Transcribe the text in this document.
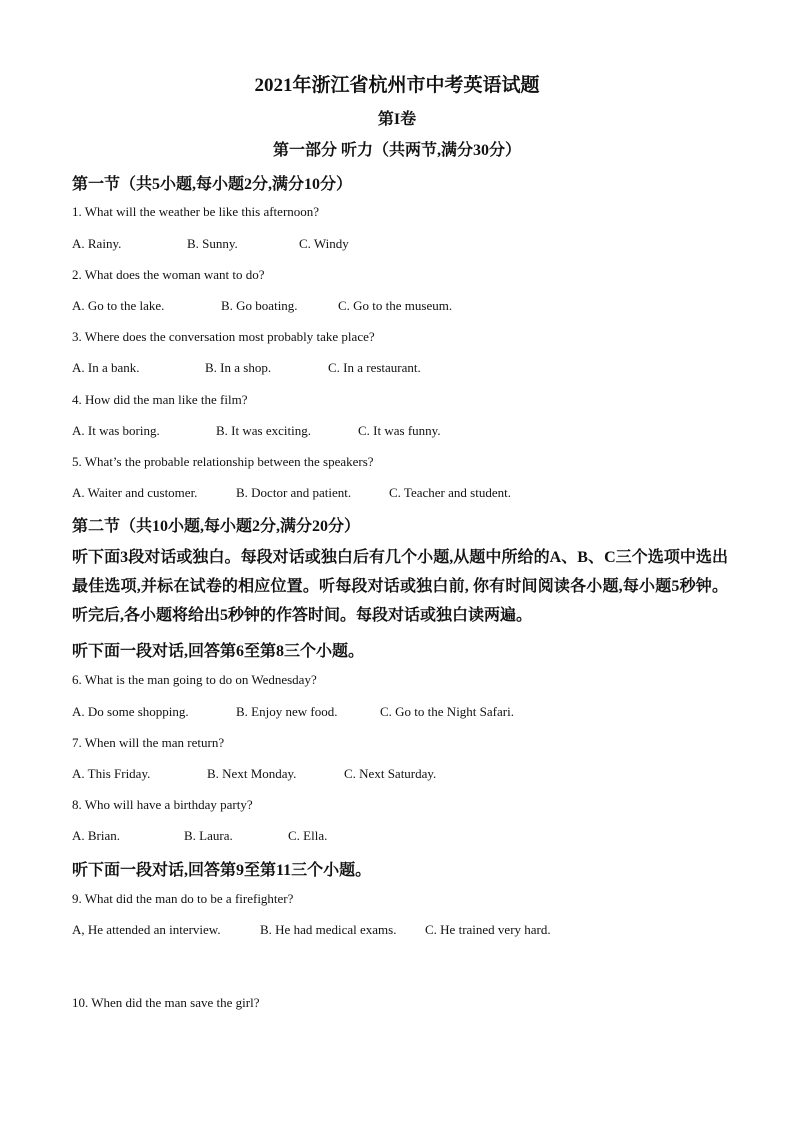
2021年浙江省杭州市中考英语试题
第I卷
第一部分 听力（共两节,满分30分）
第一节（共5小题,每小题2分,满分10分）
1. What will the weather be like this afternoon?
A. Rainy.	B. Sunny.	C. Windy
2. What does the woman want to do?
A. Go to the lake.	B. Go boating.	C. Go to the museum.
3. Where does the conversation most probably take place?
A. In a bank.	B. In a shop.	C. In a restaurant.
4. How did the man like the film?
A. It was boring.	B. It was exciting.	C. It was funny.
5. What’s the probable relationship between the speakers?
A. Waiter and customer.	B. Doctor and patient.	C. Teacher and student.
第二节（共10小题,每小题2分,满分20分）
听下面3段对话或独白。每段对话或独白后有几个小题,从题中所给的A、B、C三个选项中选出最佳选项,并标在试卷的相应位置。听每段对话或独白前, 你有时间阅读各小题,每小题5秒钟。听完后,各小题将给出5秒钟的作答时间。每段对话或独白读两遍。
听下面一段对话,回答第6至第8三个小题。
6. What is the man going to do on Wednesday?
A. Do some shopping.	B. Enjoy new food.	C. Go to the Night Safari.
7. When will the man return?
A. This Friday.	B. Next Monday.	C. Next Saturday.
8. Who will have a birthday party?
A. Brian.	B. Laura.	C. Ella.
听下面一段对话,回答第9至第11三个小题。
9. What did the man do to be a firefighter?
A, He attended an interview.	B. He had medical exams. C. He trained very hard.
10. When did the man save the girl?
